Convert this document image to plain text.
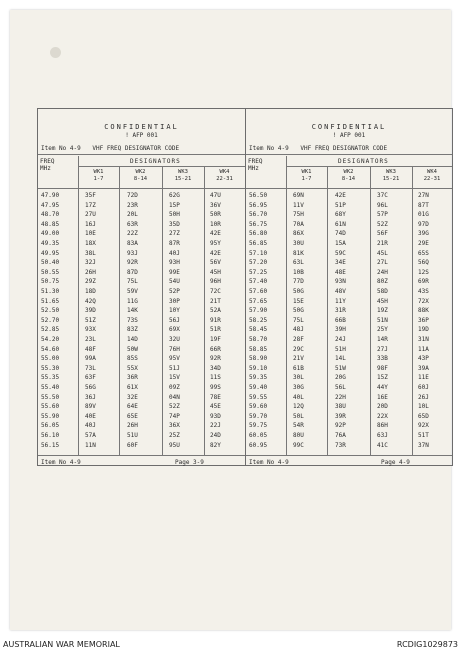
CONFIDENTIAL
! AFP 001
Item No 4-9 VHF FREQ DESIGNATOR CODE
FREQ
MHz
DESIGNATORS
WK1
1-7
WK2
8-14
WK3
15-21
WK4
22-31
47.90	35F	72D	62G	47U
47.95	17Z	23R	15P	36V
48.70	27U	20L	50H	50R
48.85	16J	63R	35D	10R
49.00	10E	22Z	27Z	42E
49.35	18X	83A	87R	95Y
49.95	38L	93J	40J	42E
50.40	32J	92R	93H	56V
50.55	26H	87D	99E	45H
50.75	29Z	75L	54U	96H
51.30	18D	59V	52P	72C
51.65	42Q	11G	30P	21T
52.50	39D	14K	10Y	52A
52.70	51Z	73S	56J	91R
52.85	93X	83Z	69X	51R
54.20	23L	14D	32U	19F
54.60	48F	50W	76H	66R
55.00	99A	85S	95V	92R
55.30	73L	55X	51J	34D
55.35	63F	36R	15V	11S
55.40	56G	61X	09Z	99S
55.50	36J	32E	04N	78E
55.60	89V	64E	52Z	45E
55.90	40E	65E	74P	93D
56.05	40J	26H	36X	22J
56.10	57A	51U	25Z	24D
56.15	11N	60F	95U	82Y
Item No 4-9	Page 3-9
CONFIDENTIAL
! AFP 001
Item No 4-9 VHF FREQ DESIGNATOR CODE
FREQ
MHz
DESIGNATORS
WK1
1-7
WK2
8-14
WK3
15-21
WK4
22-31
56.50	69N	42E	37C	27N
56.95	11V	51P	96L	87T
56.70	75H	68Y	57P	01G
56.75	70A	61N	52Z	97D
56.80	86X	74D	56F	39G
56.85	30U	15A	21R	29E
57.10	81K	59C	45L	65S
57.20	63L	34E	27L	56Q
57.25	10B	48E	24H	12S
57.40	77D	93N	80Z	69R
57.60	50G	48V	58D	43S
57.65	15E	11Y	45H	72X
57.90	50G	31R	19Z	88K
58.25	75L	66B	51N	36P
58.45	48J	39H	25Y	19D
58.70	28F	24J	14R	31N
58.85	29C	51H	27J	11A
58.90	21V	14L	33B	43P
59.10	61B	51W	98F	39A
59.35	30L	20G	15Z	11E
59.40	30G	56L	44Y	60J
59.55	40L	22H	16E	26J
59.60	12Q	38U	20D	10L
59.70	50L	39R	22X	65D
59.75	54R	92P	86H	92X
60.05	80U	76A	63J	51T
60.95	99C	73R	41C	37N
Item No 4-9	Page 4-9
AUSTRALIAN WAR MEMORIAL	RCDIG1029873
